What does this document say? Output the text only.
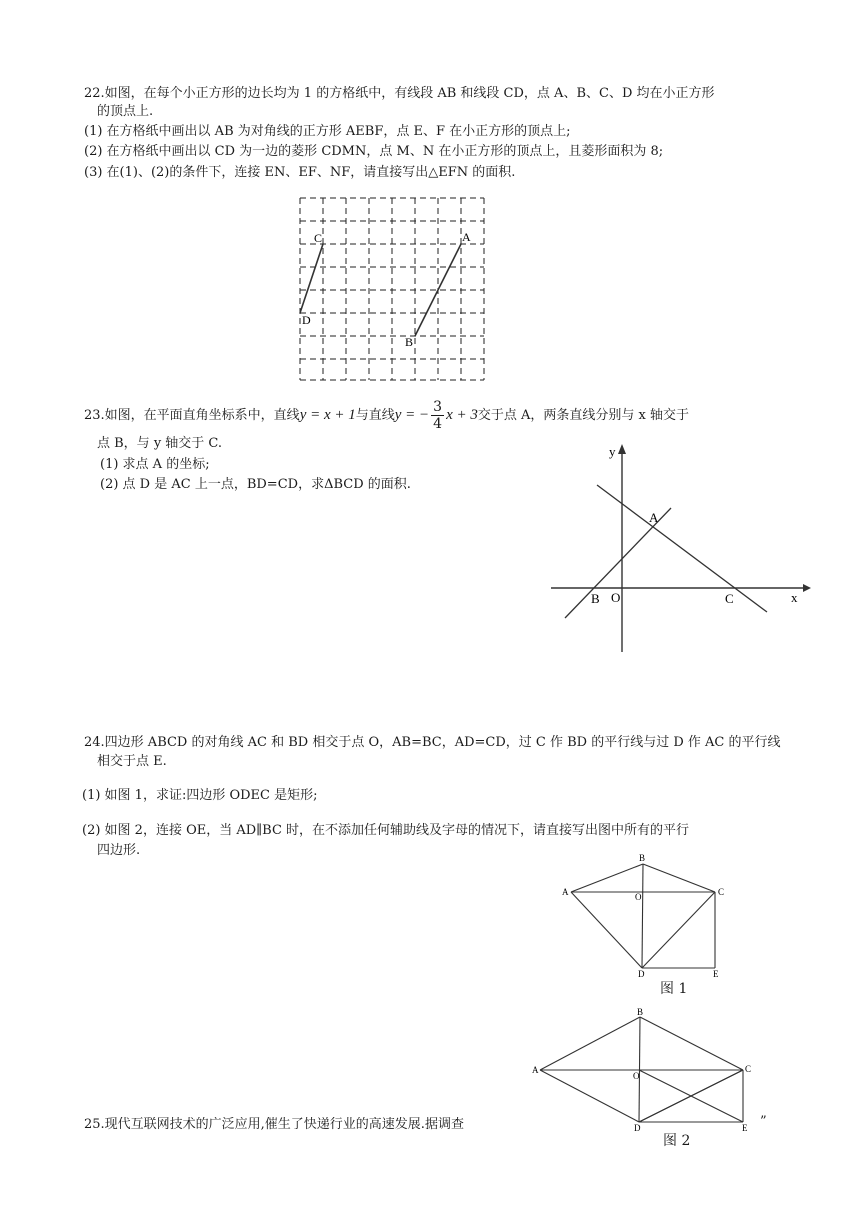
22.如图，在每个小正方形的边长均为 1 的方格纸中，有线段 AB 和线段 CD，点 A、B、C、D 均在小正方形
的顶点上.
(1) 在方格纸中画出以 AB 为对角线的正方形 AEBF，点 E、F 在小正方形的顶点上;
(2) 在方格纸中画出以 CD 为一边的菱形 CDMN，点 M、N 在小正方形的顶点上，且菱形面积为 8;
(3) 在(1)、(2)的条件下，连接 EN、EF、NF，请直接写出△EFN 的面积.
C
D
A
B
23.如图，在平面直角坐标系中，直线y = x + 1与直线y = − $\frac{3}{4}$ x + 3交于点 A，两条直线分别与 x 轴交于
点 B，与 y 轴交于 C.
(1) 求点 A 的坐标;
(2) 点 D 是 AC 上一点，BD=CD，求ΔBCD 的面积.
y
x
A
B O	C
24.四边形 ABCD 的对角线 AC 和 BD 相交于点 O，AB=BC，AD=CD，过 C 作 BD 的平行线与过 D 作 AC 的平行线
相交于点 E.
(1) 如图 1，求证:四边形 ODEC 是矩形;
(2) 如图 2，连接 OE，当 AD∥BC 时，在不添加任何辅助线及字母的情况下，请直接写出图中所有的平行
四边形.	B
A	C
O
D	E
图 1
B
A	C
O
D	E
图 2
25.现代互联网技术的广泛应用,催生了快递行业的高速发展.据调查	”
